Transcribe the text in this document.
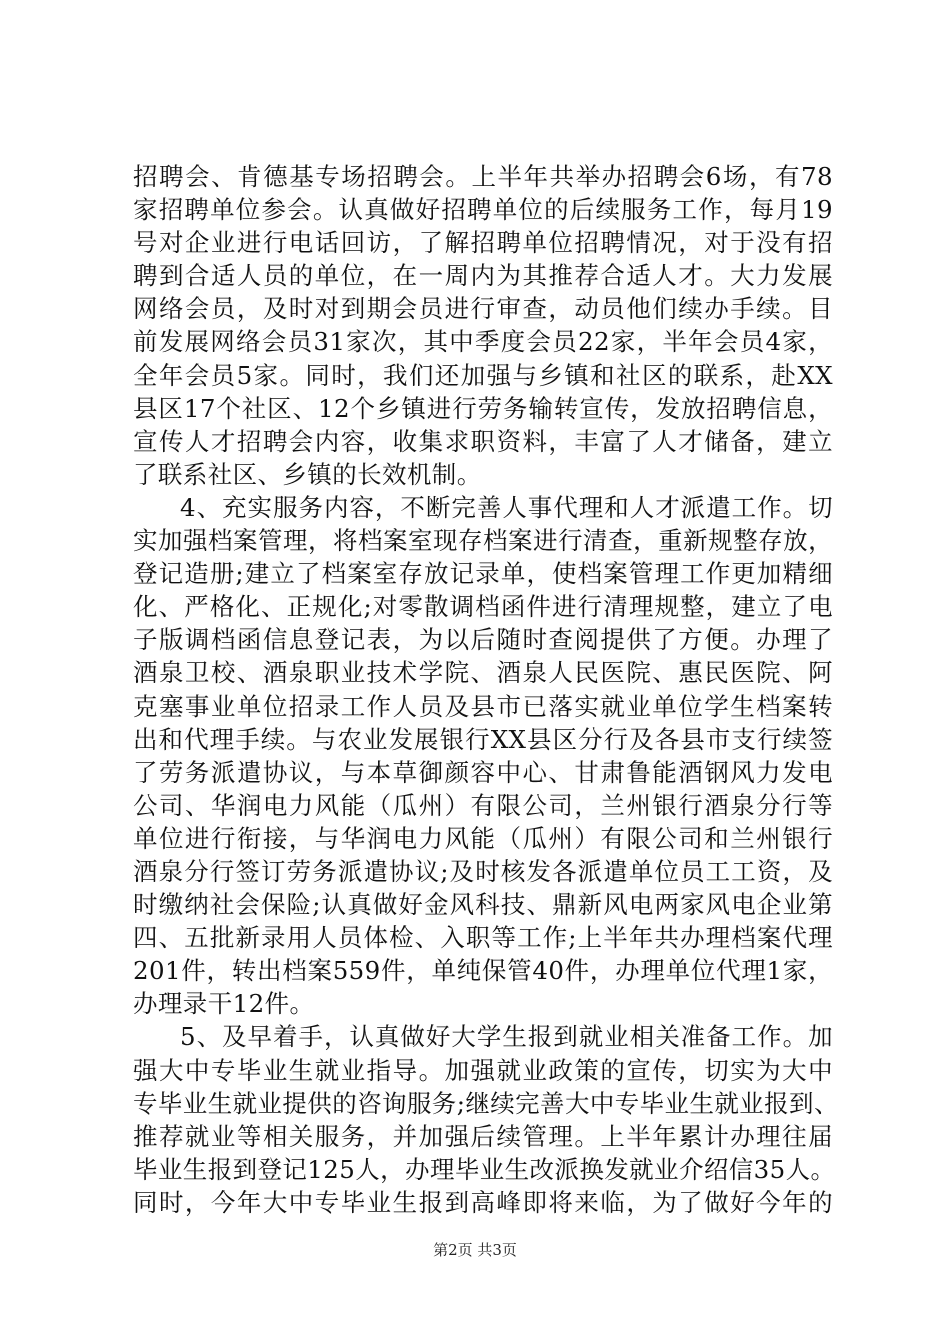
招聘会、肯德基专场招聘会。上半年共举办招聘会6场，有78
家招聘单位参会。认真做好招聘单位的后续服务工作，每月19
号对企业进行电话回访，了解招聘单位招聘情况，对于没有招
聘到合适人员的单位，在一周内为其推荐合适人才。大力发展
网络会员，及时对到期会员进行审查，动员他们续办手续。目
前发展网络会员31家次，其中季度会员22家，半年会员4家，
全年会员5家。同时，我们还加强与乡镇和社区的联系，赴XX
县区17个社区、12个乡镇进行劳务输转宣传，发放招聘信息，
宣传人才招聘会内容，收集求职资料，丰富了人才储备，建立
了联系社区、乡镇的长效机制。
4、充实服务内容，不断完善人事代理和人才派遣工作。切
实加强档案管理，将档案室现存档案进行清查，重新规整存放，
登记造册;建立了档案室存放记录单，使档案管理工作更加精细
化、严格化、正规化;对零散调档函件进行清理规整，建立了电
子版调档函信息登记表，为以后随时查阅提供了方便。办理了
酒泉卫校、酒泉职业技术学院、酒泉人民医院、惠民医院、阿
克塞事业单位招录工作人员及县市已落实就业单位学生档案转
出和代理手续。与农业发展银行XX县区分行及各县市支行续签
了劳务派遣协议，与本草御颜容中心、甘肃鲁能酒钢风力发电
公司、华润电力风能（瓜州）有限公司，兰州银行酒泉分行等
单位进行衔接，与华润电力风能（瓜州）有限公司和兰州银行
酒泉分行签订劳务派遣协议;及时核发各派遣单位员工工资，及
时缴纳社会保险;认真做好金风科技、鼎新风电两家风电企业第
四、五批新录用人员体检、入职等工作;上半年共办理档案代理
201件，转出档案559件，单纯保管40件，办理单位代理1家，
办理录干12件。
5、及早着手，认真做好大学生报到就业相关准备工作。加
强大中专毕业生就业指导。加强就业政策的宣传，切实为大中
专毕业生就业提供的咨询服务;继续完善大中专毕业生就业报到、
推荐就业等相关服务，并加强后续管理。上半年累计办理往届
毕业生报到登记125人，办理毕业生改派换发就业介绍信35人。
同时，今年大中专毕业生报到高峰即将来临，为了做好今年的
第2页 共3页
